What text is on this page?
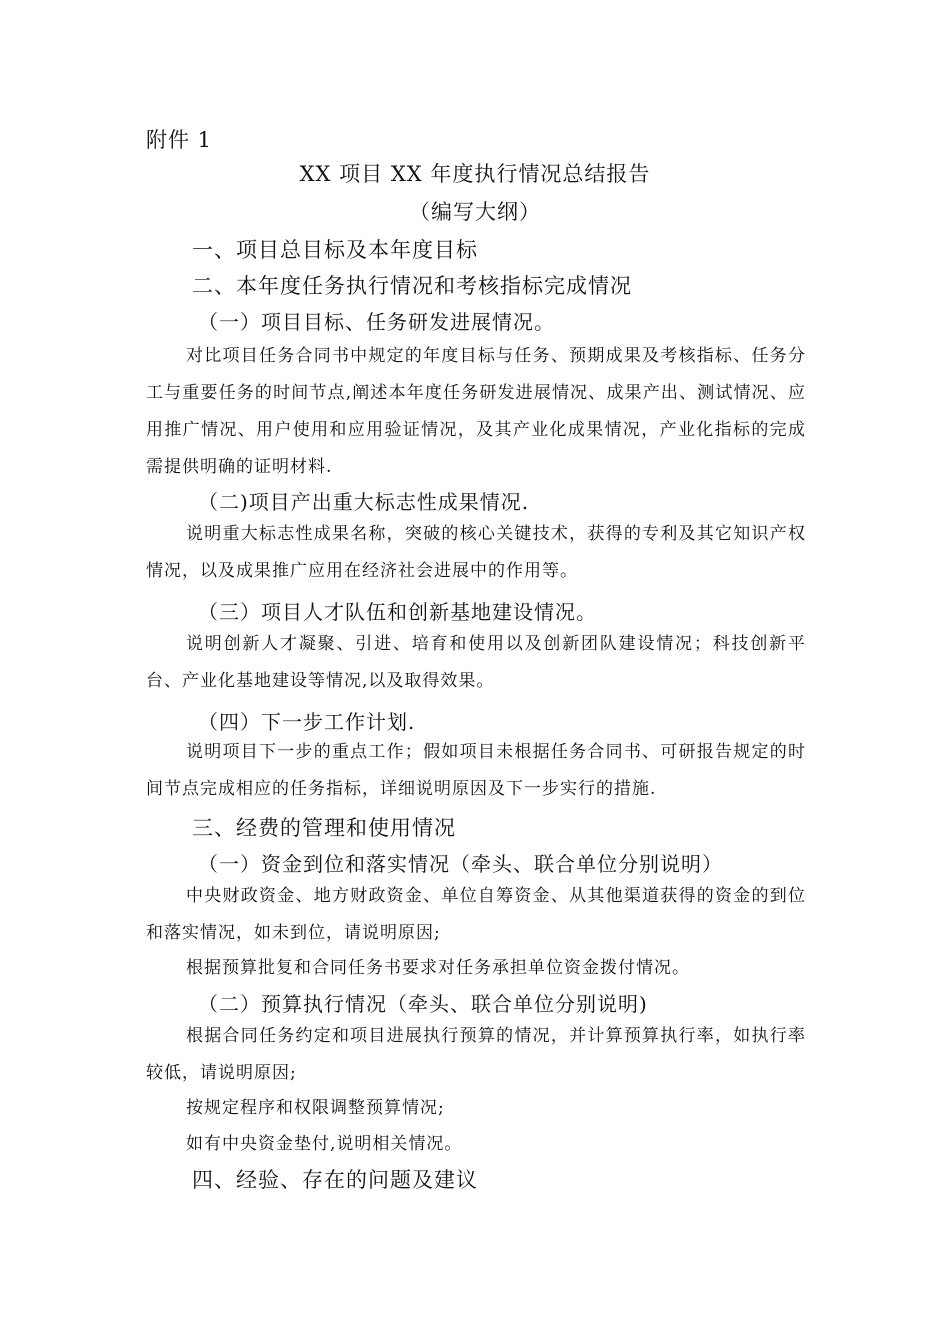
附件 1
XX 项目 XX 年度执行情况总结报告
（编写大纲）
一、项目总目标及本年度目标
二、本年度任务执行情况和考核指标完成情况
（一）项目目标、任务研发进展情况。
对比项目任务合同书中规定的年度目标与任务、预期成果及考核指标、任务分工与重要任务的时间节点,阐述本年度任务研发进展情况、成果产出、测试情况、应用推广情况、用户使用和应用验证情况，及其产业化成果情况，产业化指标的完成需提供明确的证明材料.
（二)项目产出重大标志性成果情况.
说明重大标志性成果名称，突破的核心关键技术，获得的专利及其它知识产权情况，以及成果推广应用在经济社会进展中的作用等。
（三）项目人才队伍和创新基地建设情况。
说明创新人才凝聚、引进、培育和使用以及创新团队建设情况；科技创新平台、产业化基地建设等情况,以及取得效果。
（四）下一步工作计划.
说明项目下一步的重点工作；假如项目未根据任务合同书、可研报告规定的时间节点完成相应的任务指标，详细说明原因及下一步实行的措施.
三、经费的管理和使用情况
（一）资金到位和落实情况（牵头、联合单位分别说明）
中央财政资金、地方财政资金、单位自筹资金、从其他渠道获得的资金的到位和落实情况，如未到位，请说明原因;
根据预算批复和合同任务书要求对任务承担单位资金拨付情况。
（二）预算执行情况（牵头、联合单位分别说明)
根据合同任务约定和项目进展执行预算的情况，并计算预算执行率，如执行率较低，请说明原因;
按规定程序和权限调整预算情况;
如有中央资金垫付,说明相关情况。
四、经验、存在的问题及建议
